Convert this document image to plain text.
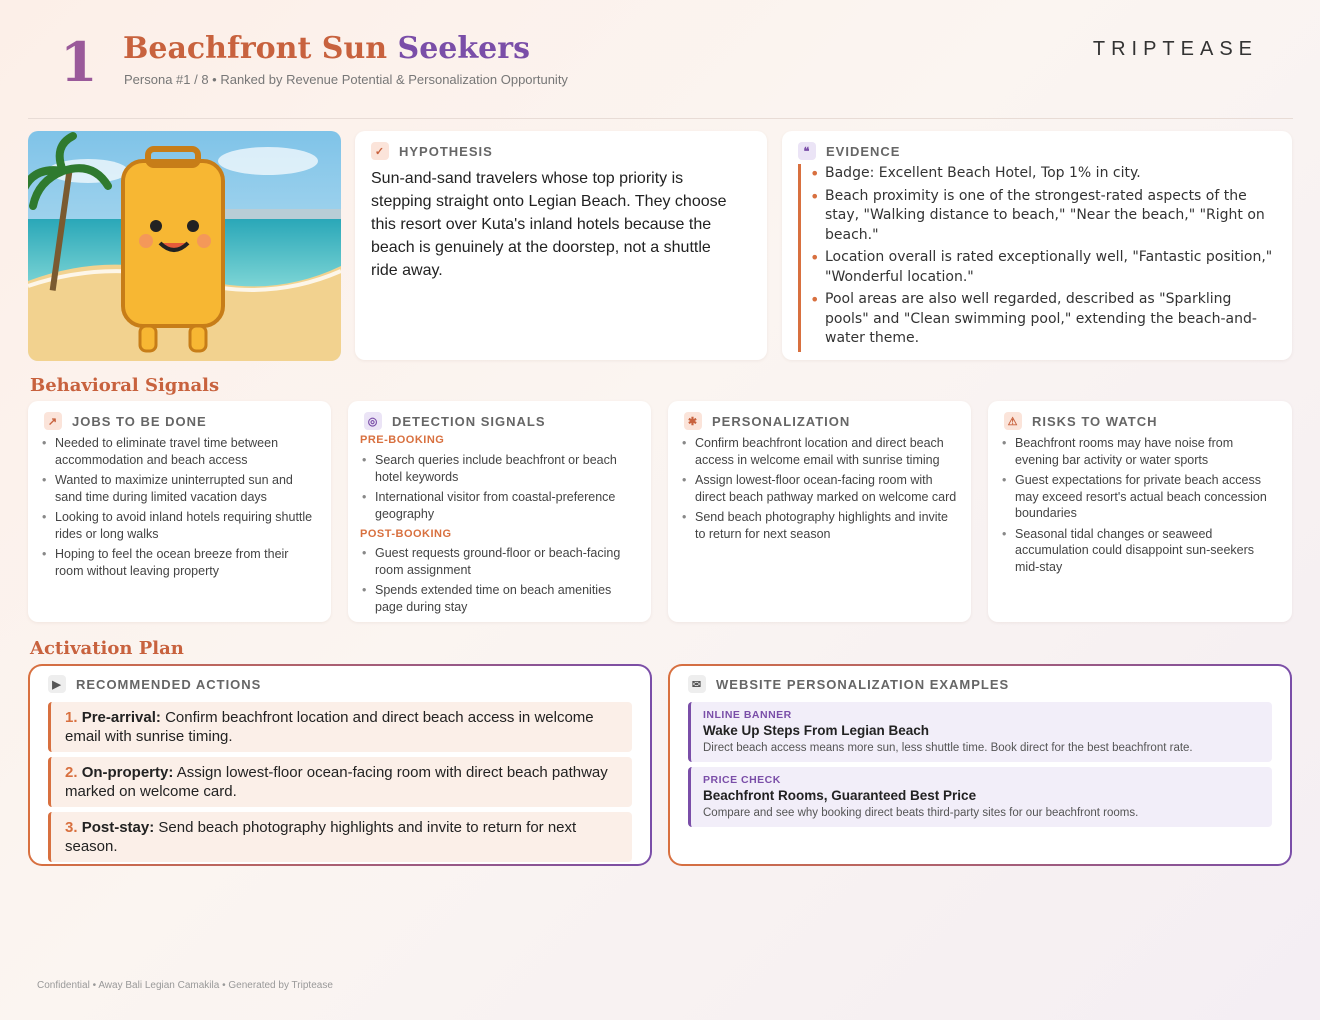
1 Beachfront Sun Seekers
Persona #1 / 8 • Ranked by Revenue Potential & Personalization Opportunity
TRIPTEASE
✓ HYPOTHESIS
Sun-and-sand travelers whose top priority is stepping straight onto Legian Beach. They choose this resort over Kuta's inland hotels because the beach is genuinely at the doorstep, not a shuttle ride away.
❝	EVIDENCE
• Badge: Excellent Beach Hotel, Top 1% in city.
• Beach proximity is one of the strongest-rated aspects of the stay, "Walking distance to beach," "Near the beach," "Right on beach."
• Location overall is rated exceptionally well, "Fantastic position," "Wonderful location."
• Pool areas are also well regarded, described as "Sparkling pools" and "Clean swimming pool," extending the beach-and-water theme.
Behavioral Signals
↗ JOBS TO BE DONE
• Needed to eliminate travel time between accommodation and beach access
• Wanted to maximize uninterrupted sun and sand time during limited vacation days
• Looking to avoid inland hotels requiring shuttle rides or long walks
• Hoping to feel the ocean breeze from their room without leaving property
◎ DETECTION SIGNALS
PRE-BOOKING
• Search queries include beachfront or beach hotel keywords
• International visitor from coastal-preference geography
POST-BOOKING
• Guest requests ground-floor or beach-facing room assignment
• Spends extended time on beach amenities page during stay
✱ PERSONALIZATION
• Confirm beachfront location and direct beach access in welcome email with sunrise timing
• Assign lowest-floor ocean-facing room with direct beach pathway marked on welcome card
• Send beach photography highlights and invite to return for next season
⚠ RISKS TO WATCH
• Beachfront rooms may have noise from evening bar activity or water sports
• Guest expectations for private beach access may exceed resort's actual beach concession boundaries
• Seasonal tidal changes or seaweed accumulation could disappoint sun-seekers mid-stay
Activation Plan
▶	RECOMMENDED ACTIONS
1. Pre-arrival: Confirm beachfront location and direct beach access in welcome email with sunrise timing.
2. On-property: Assign lowest-floor ocean-facing room with direct beach pathway marked on welcome card.
3. Post-stay: Send beach photography highlights and invite to return for next season.
✉ WEBSITE PERSONALIZATION EXAMPLES
INLINE BANNER
Wake Up Steps From Legian Beach
Direct beach access means more sun, less shuttle time. Book direct for the best beachfront rate.
PRICE CHECK
Beachfront Rooms, Guaranteed Best Price
Compare and see why booking direct beats third-party sites for our beachfront rooms.
Confidential • Away Bali Legian Camakila • Generated by Triptease
